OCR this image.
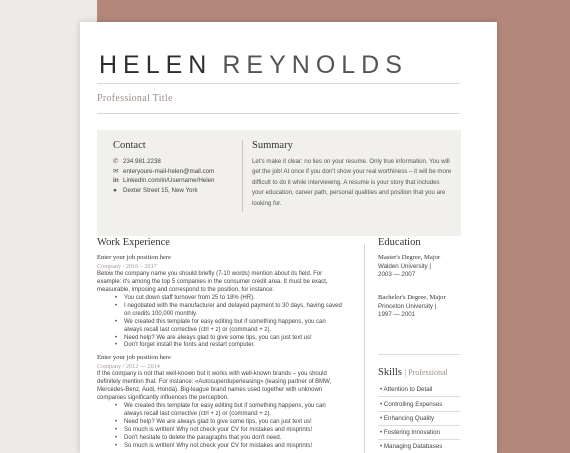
HELEN REYNOLDS
Professional Title
Contact
✆ 234.981.2238
✉ enteryoure-mail-helen@mail.com
in LinkedIn.com/in/Username/Helen
● Dexter Street 15, New York
Summary
Let's make it clear: no lies on your resume. Only true information. You will get the job! At once if you don't show your real worthiness – it will be more difficult to do it while interviewing. A resume is your story that includes your education, career path, personal qualities and position that you are looking for.
Work Experience
Enter your job position here
Company / 2016 – 2017
Below the company name you should briefly (7-10 words) mention about its field. For example: it's among the top 5 companies in the consumer credit area. It must be exact, measurable, imposing and correspond to the position, for instance:
• You cut down staff turnover from 25 to 18% (HR).
• I negotiated with the manufacturer and delayed payment to 30 days, having saved on credits 100,000 monthly.
• We created this template for easy editing but if something happens, you can always recall last corrective (ctrl + z) or (command + z).
• Need help? We are always glad to give some tips, you can just text us!
• Don't forget install the fonts and restart computer.
Enter your job position here
Company / 2012 — 2014
If the company is not that well-known but it works with well-known brands – you should definitely mention that. For instance: «Autosuperduperleasing» (leasing partner of BMW, Mercedes-Benz, Audi, Honda). Big-league brand names used together with unknown companies significantly influences the perception.
• We created this template for easy editing but if something happens, you can always recall last corrective (ctrl + z) or (command + z).
• Need help? We are always glad to give some tips, you can just text us!
• So much is written! Why not check your CV for mistakes and misprints!
• Don't hesitate to delete the paragraphs that you don't need.
• So much is written! Why not check your CV for mistakes and misprints!
Education
Master's Degree, Major
Walden University |
2003 — 2007
Bachelor's Degree, Major
Princeton University |
1997 — 2001
Skills | Professional
• Attention to Detail
• Controlling Expenses
• Enhancing Quality
• Fostering Innovation
• Managing Databases
